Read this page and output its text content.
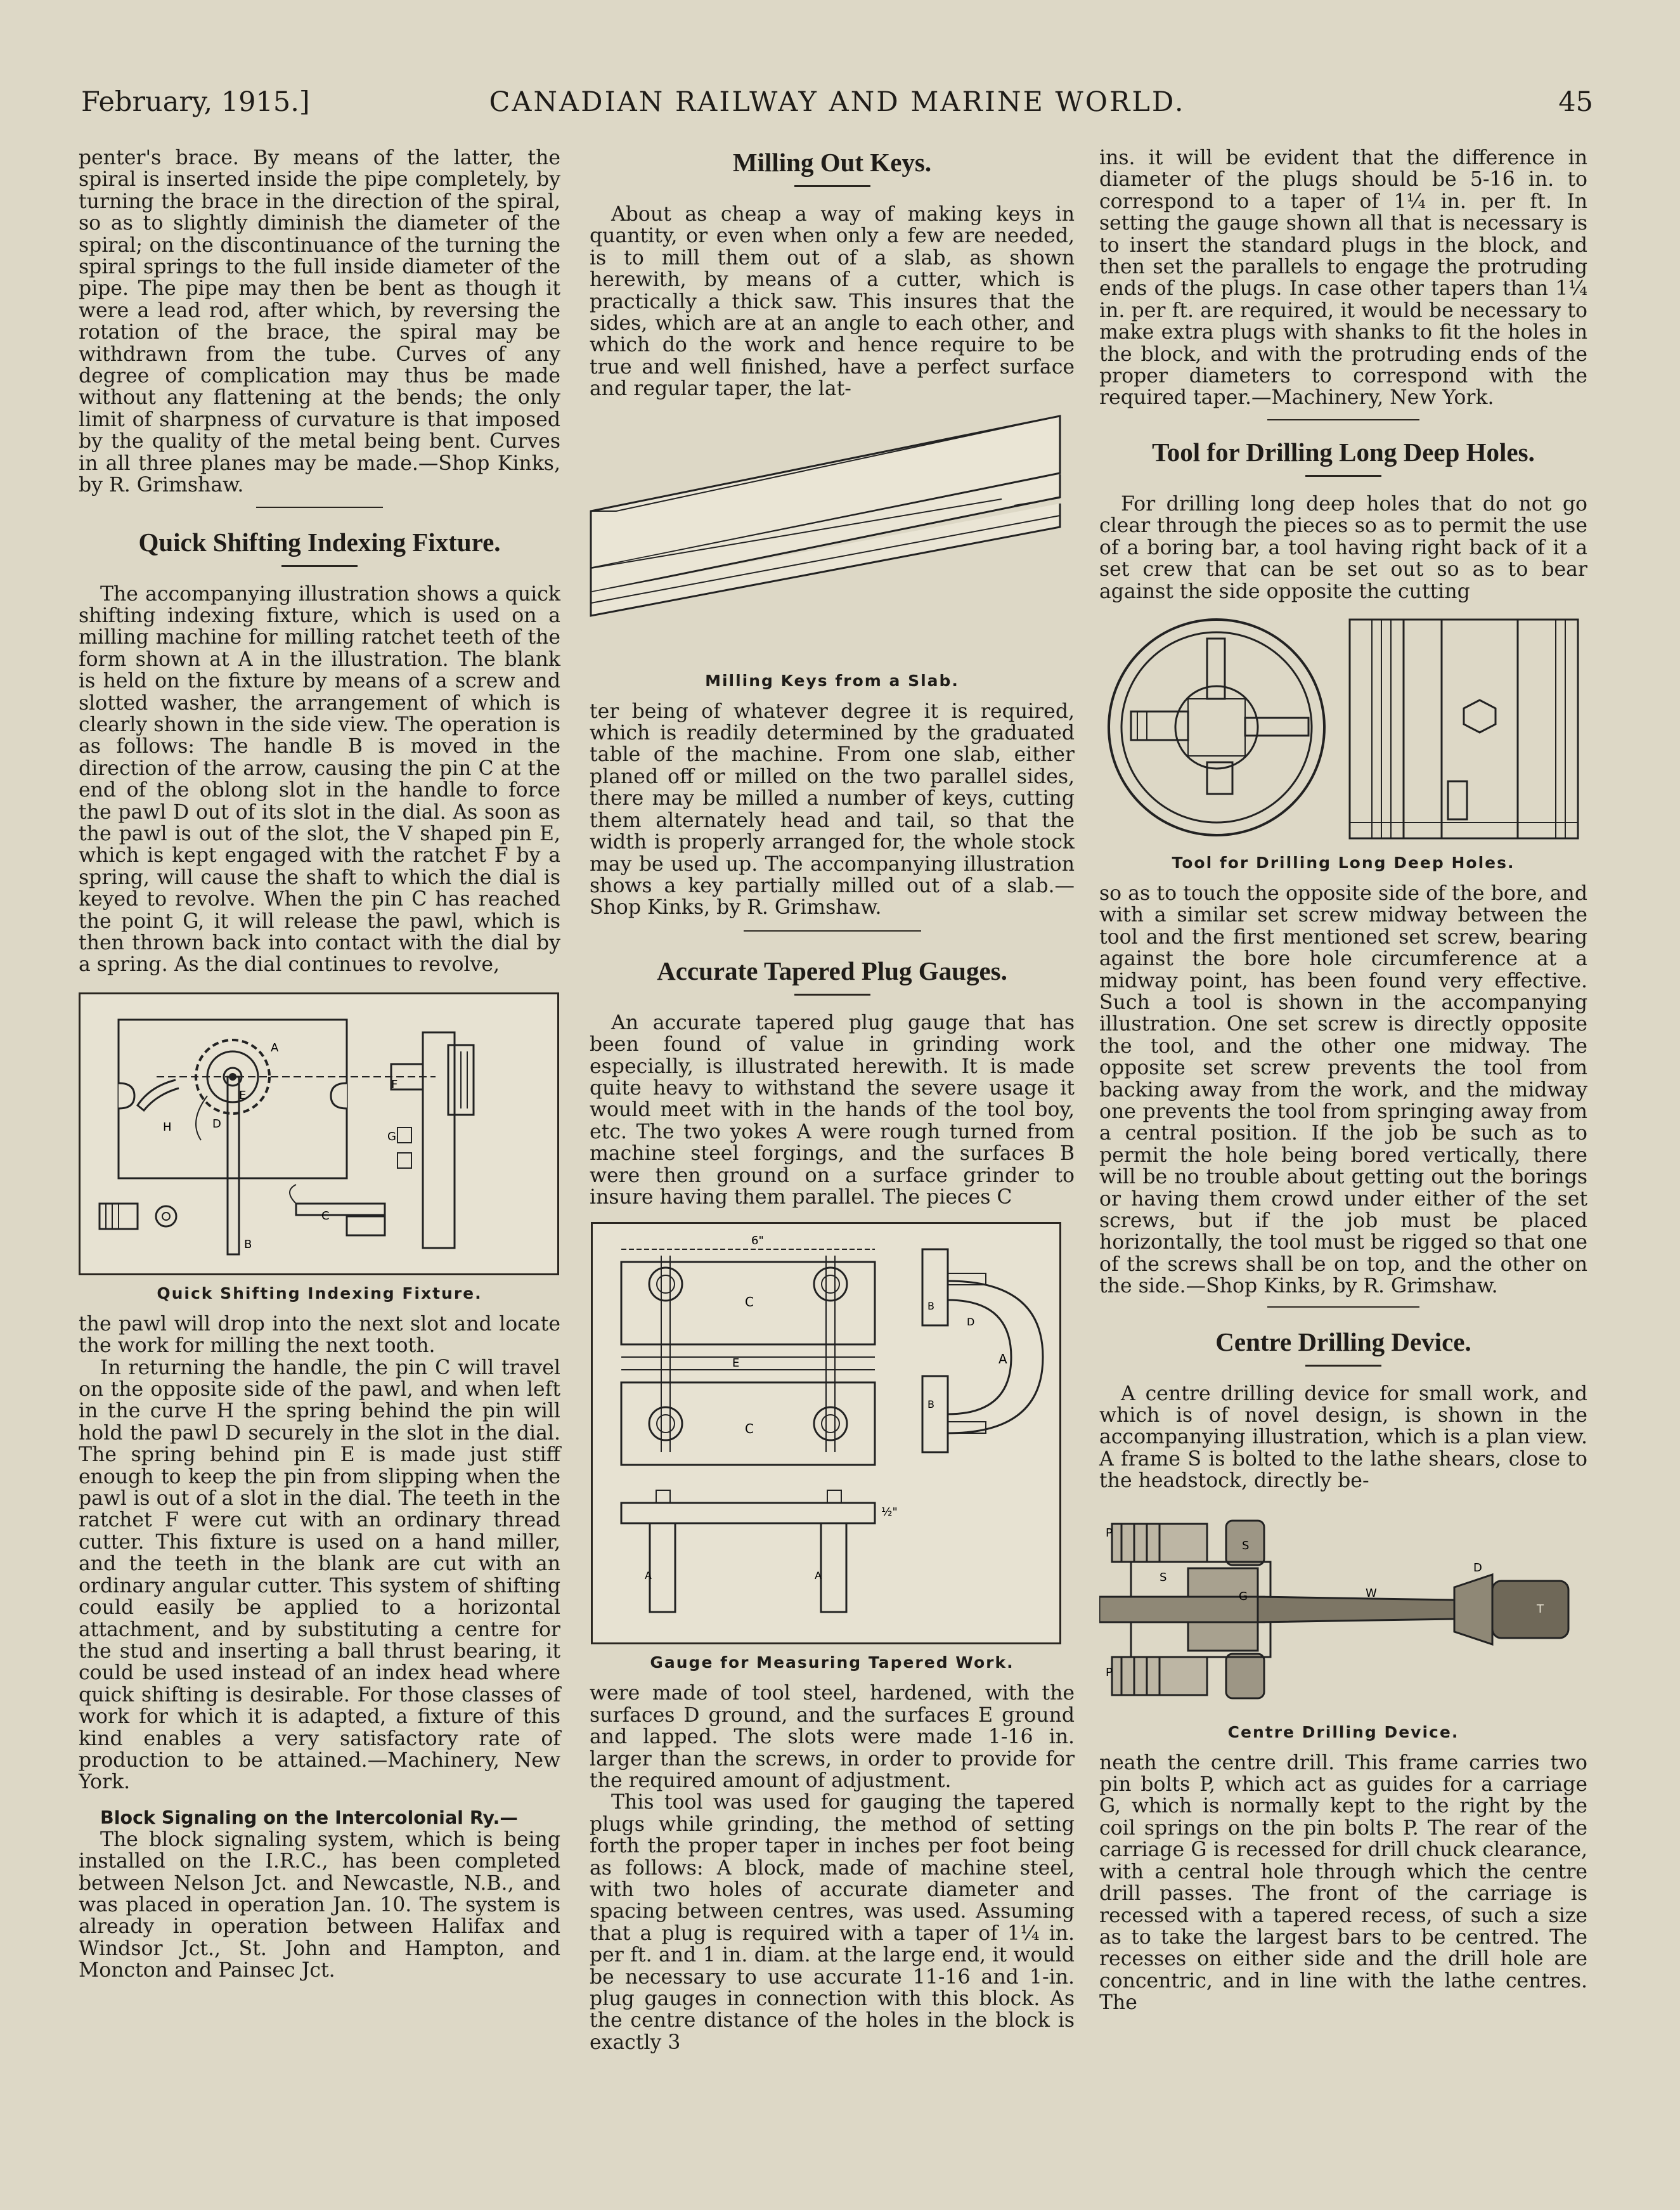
February, 1915.]	CANADIAN RAILWAY AND MARINE WORLD.	45

penter's brace. By means of the latter, the spiral is inserted inside the pipe completely, by turning the brace in the direction of the spiral, so as to slightly diminish the diameter of the spiral; on the discontinuance of the turning the spiral springs to the full inside diameter of the pipe. The pipe may then be bent as though it were a lead rod, after which, by reversing the rotation of the brace, the spiral may be withdrawn from the tube. Curves of any degree of complication may thus be made without any flattening at the bends; the only limit of sharpness of curvature is that imposed by the quality of the metal being bent. Curves in all three planes may be made.—Shop Kinks, by R. Grimshaw.

Quick Shifting Indexing Fixture.

The accompanying illustration shows a quick shifting indexing fixture, which is used on a milling machine for milling ratchet teeth of the form shown at A in the illustration. The blank is held on the fixture by means of a screw and slotted washer, the arrangement of which is clearly shown in the side view. The operation is as follows: The handle B is moved in the direction of the arrow, causing the pin C at the end of the oblong slot in the handle to force the pawl D out of its slot in the dial. As soon as the pawl is out of the slot, the V shaped pin E, which is kept engaged with the ratchet F by a spring, will cause the shaft to which the dial is keyed to revolve. When the pin C has reached the point G, it will release the pawl, which is then thrown back into contact with the dial by a spring. As the dial continues to revolve,

H
E
D
B
F
G
C
A
Quick Shifting Indexing Fixture.

the pawl will drop into the next slot and locate the work for milling the next tooth.

In returning the handle, the pin C will travel on the opposite side of the pawl, and when left in the curve H the spring behind the pin will hold the pawl D securely in the slot in the dial. The spring behind pin E is made just stiff enough to keep the pin from slipping when the pawl is out of a slot in the dial. The teeth in the ratchet F were cut with an ordinary thread cutter. This fixture is used on a hand miller, and the teeth in the blank are cut with an ordinary angular cutter. This system of shifting could easily be applied to a horizontal attachment, and by substituting a centre for the stud and inserting a ball thrust bearing, it could be used instead of an index head where quick shifting is desirable. For those classes of work for which it is adapted, a fixture of this kind enables a very satisfactory rate of production to be attained.—Machinery, New York.

Block Signaling on the Intercolonial Ry.—

The block signaling system, which is being installed on the I.R.C., has been completed between Nelson Jct. and Newcastle, N.B., and was placed in operation Jan. 10. The system is already in operation between Halifax and Windsor Jct., St. John and Hampton, and Moncton and Painsec Jct.

Milling Out Keys.

About as cheap a way of making keys in quantity, or even when only a few are needed, is to mill them out of a slab, as shown herewith, by means of a cutter, which is practically a thick saw. This insures that the sides, which are at an angle to each other, and which do the work and hence require to be true and well finished, have a perfect surface and regular taper, the lat-

Milling Keys from a Slab.

ter being of whatever degree it is required, which is readily determined by the graduated table of the machine. From one slab, either planed off or milled on the two parallel sides, there may be milled a number of keys, cutting them alternately head and tail, so that the width is properly arranged for, the whole stock may be used up. The accompanying illustration shows a key partially milled out of a slab.—Shop Kinks, by R. Grimshaw.

Accurate Tapered Plug Gauges.

An accurate tapered plug gauge that has been found of value in grinding work especially, is illustrated herewith. It is made quite heavy to withstand the severe usage it would meet with in the hands of the tool boy, etc. The two yokes A were rough turned from machine steel forgings, and the surfaces B were then ground on a surface grinder to insure having them parallel. The pieces C

6"
C
C
E	A
B
B
D
½"
A	A
Gauge for Measuring Tapered Work.

were made of tool steel, hardened, with the surfaces D ground, and the surfaces E ground and lapped. The slots were made 1-16 in. larger than the screws, in order to provide for the required amount of adjustment.

This tool was used for gauging the tapered plugs while grinding, the method of setting forth the proper taper in inches per foot being as follows: A block, made of machine steel, with two holes of accurate diameter and spacing between centres, was used. Assuming that a plug is required with a taper of 1¼ in. per ft. and 1 in. diam. at the large end, it would be necessary to use accurate 11-16 and 1-in. plug gauges in connection with this block. As the centre distance of the holes in the block is exactly 3

ins. it will be evident that the difference in diameter of the plugs should be 5-16 in. to correspond to a taper of 1¼ in. per ft. In setting the gauge shown all that is necessary is to insert the standard plugs in the block, and then set the parallels to engage the protruding ends of the plugs. In case other tapers than 1¼ in. per ft. are required, it would be necessary to make extra plugs with shanks to fit the holes in the block, and with the protruding ends of the proper diameters to correspond with the required taper.—Machinery, New York.

Tool for Drilling Long Deep Holes.

For drilling long deep holes that do not go clear through the pieces so as to permit the use of a boring bar, a tool having right back of it a set crew that can be set out so as to bear against the side opposite the cutting

Tool for Drilling Long Deep Holes.

so as to touch the opposite side of the bore, and with a similar set screw midway between the tool and the first mentioned set screw, bearing against the bore hole circumference at a midway point, has been found very effective. Such a tool is shown in the accompanying illustration. One set screw is directly opposite the tool, and the other one midway. The opposite set screw prevents the tool from backing away from the work, and the midway one prevents the tool from springing away from a central position. If the job be such as to permit the hole being bored vertically, there will be no trouble about getting out the borings or having them crowd under either of the set screws, but if the job must be placed horizontally, the tool must be rigged so that one of the screws shall be on top, and the other on the side.—Shop Kinks, by R. Grimshaw.

Centre Drilling Device.

A centre drilling device for small work, and which is of novel design, is shown in the accompanying illustration, which is a plan view. A frame S is bolted to the lathe shears, close to the headstock, directly be-

P
P
S
S
G	W
D
T
Centre Drilling Device.

neath the centre drill. This frame carries two pin bolts P, which act as guides for a carriage G, which is normally kept to the right by the coil springs on the pin bolts P. The rear of the carriage G is recessed for drill chuck clearance, with a central hole through which the centre drill passes. The front of the carriage is recessed with a tapered recess, of such a size as to take the largest bars to be centred. The recesses on either side and the drill hole are concentric, and in line with the lathe centres. The
